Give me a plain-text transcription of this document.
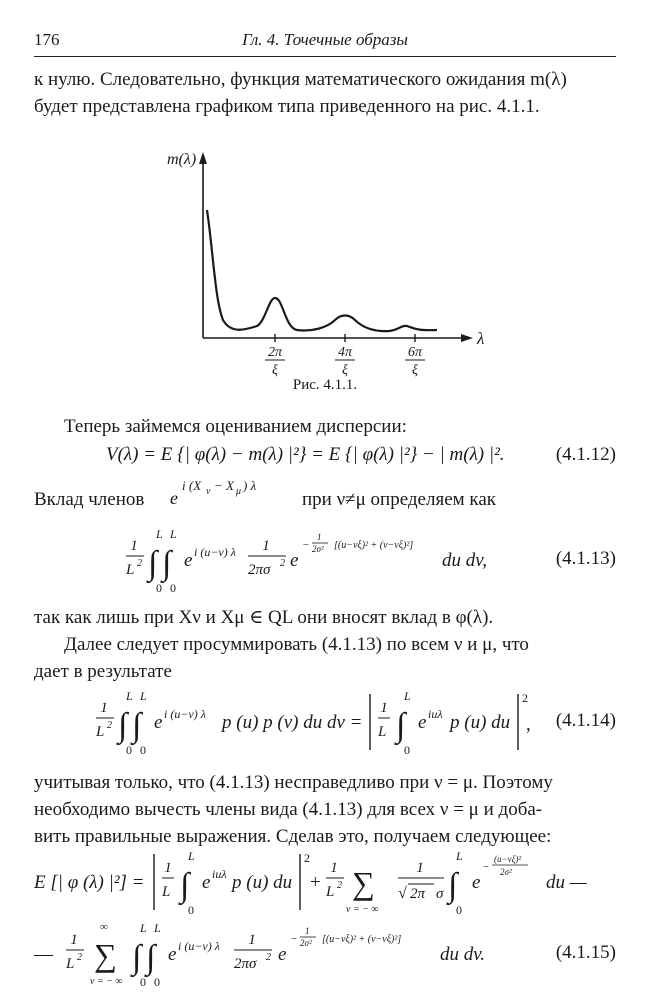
176	Гл. 4. Точечные образы
к нулю. Следовательно, функция математического ожидания m(λ)
будет представлена графиком типа приведенного на рис. 4.1.1.
m(λ)
λ
2π
ξ
4π
ξ
6π
ξ
Рис. 4.1.1.
Теперь займемся оцениванием дисперсии:
V(λ) = E {| φ(λ) − m(λ) |²} = E {| φ(λ) |²} − | m(λ) |².	(4.1.12)
Вклад членов e
i (X ν − X μ ) λ
при ν≠μ определяем как
1
L 2
L L
∫ ∫
0 0
e i (u−v) λ 1
2πσ 2 e
−
1
2σ² [(u−νξ)² + (v−νξ)²]
du dv,	(4.1.13)
так как лишь при Xν и Xμ ∈ QL они вносят вклад в φ(λ).
Далее следует просуммировать (4.1.13) по всем ν и μ, что
дает в результате
1
L 2
L L
∫ ∫
0 0
e i (u−v) λ p (u) p (v) du dv =
1
L
L
∫
0
e iuλ p (u) du
2
, (4.1.14)
учитывая только, что (4.1.13) несправедливо при ν = μ. Поэтому
необходимо вычесть члены вида (4.1.13) для всех ν = μ и доба-
вить правильные выражения. Сделав это, получаем следующее:
E [| φ (λ) |²] =
1
L
L
∫
0
e iuλ p (u) du
2
+
1
L 2 ∑
ν = − ∞
1
√ 2π σ
L
∫
0
e
−
(u−νξ)²
2σ² du —
—
1
L 2 ∑
∞
ν = − ∞
L L
∫ ∫
0 0
e i (u−v) λ 1
2πσ 2 e
−
1
2σ² [(u−νξ)² + (v−νξ)²]
du dv.	(4.1.15)
